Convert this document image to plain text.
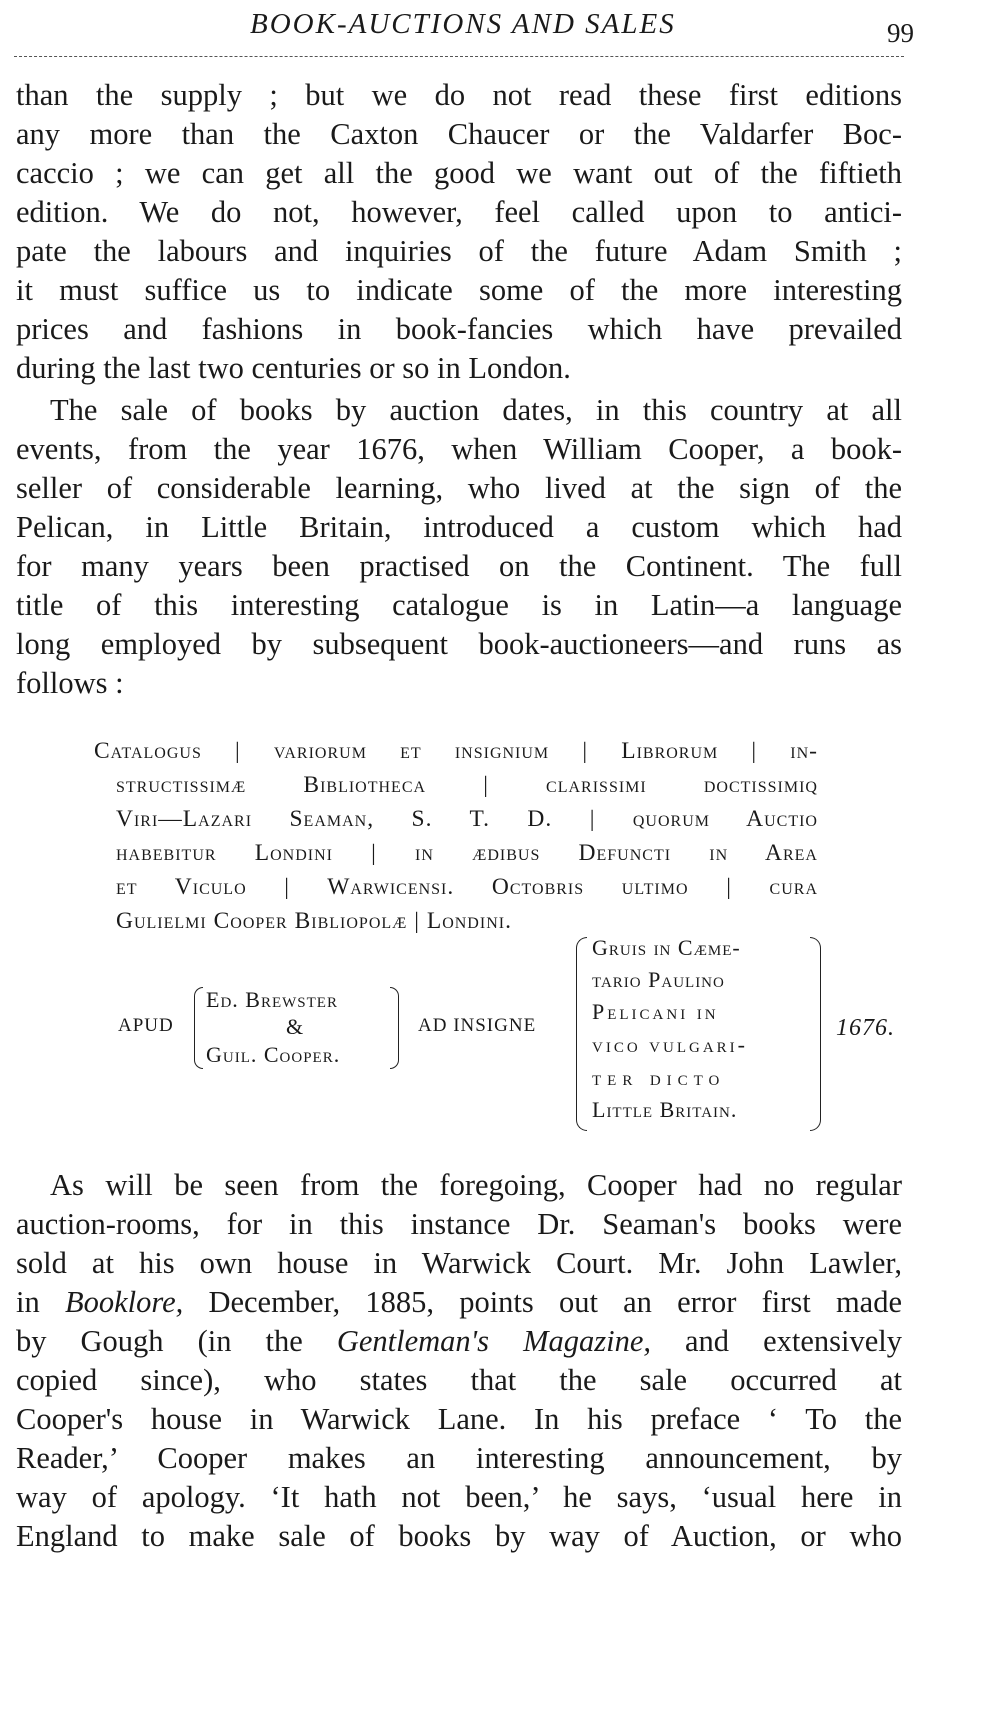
BOOK-AUCTIONS AND SALES	99
than the supply ; but we do not read these first editions
any more than the Caxton Chaucer or the Valdarfer Boc-
caccio ; we can get all the good we want out of the fiftieth
edition. We do not, however, feel called upon to antici-
pate the labours and inquiries of the future Adam Smith ;
it must suffice us to indicate some of the more interesting
prices and fashions in book-fancies which have prevailed
during the last two centuries or so in London.
The sale of books by auction dates, in this country at all
events, from the year 1676, when William Cooper, a book-
seller of considerable learning, who lived at the sign of the
Pelican, in Little Britain, introduced a custom which had
for many years been practised on the Continent. The full
title of this interesting catalogue is in Latin—a language
long employed by subsequent book-auctioneers—and runs as
follows :
Catalogus | variorum et insignium | Librorum | in-
structissimæ Bibliotheca | clarissimi doctissimiq
Viri—Lazari Seaman, S. T. D. | quorum Auctio
habebitur Londini | in ædibus Defuncti in Area
et Viculo | Warwicensi. Octobris ultimo | cura
Gulielmi Cooper Bibliopolæ | Londini.
APUD
Ed. Brewster
&
Guil. Cooper.
AD INSIGNE
Gruis in Cæme-
tario Paulino
Pelicani in
vico vulgari-
ter dicto
Little Britain.
1676.
As will be seen from the foregoing, Cooper had no regular
auction-rooms, for in this instance Dr. Seaman's books were
sold at his own house in Warwick Court. Mr. John Lawler,
in Booklore, December, 1885, points out an error first made
by Gough (in the Gentleman's Magazine, and extensively
copied since), who states that the sale occurred at
Cooper's house in Warwick Lane. In his preface ‘ To the
Reader,’ Cooper makes an interesting announcement, by
way of apology. ‘It hath not been,’ he says, ‘usual here in
England to make sale of books by way of Auction, or who
